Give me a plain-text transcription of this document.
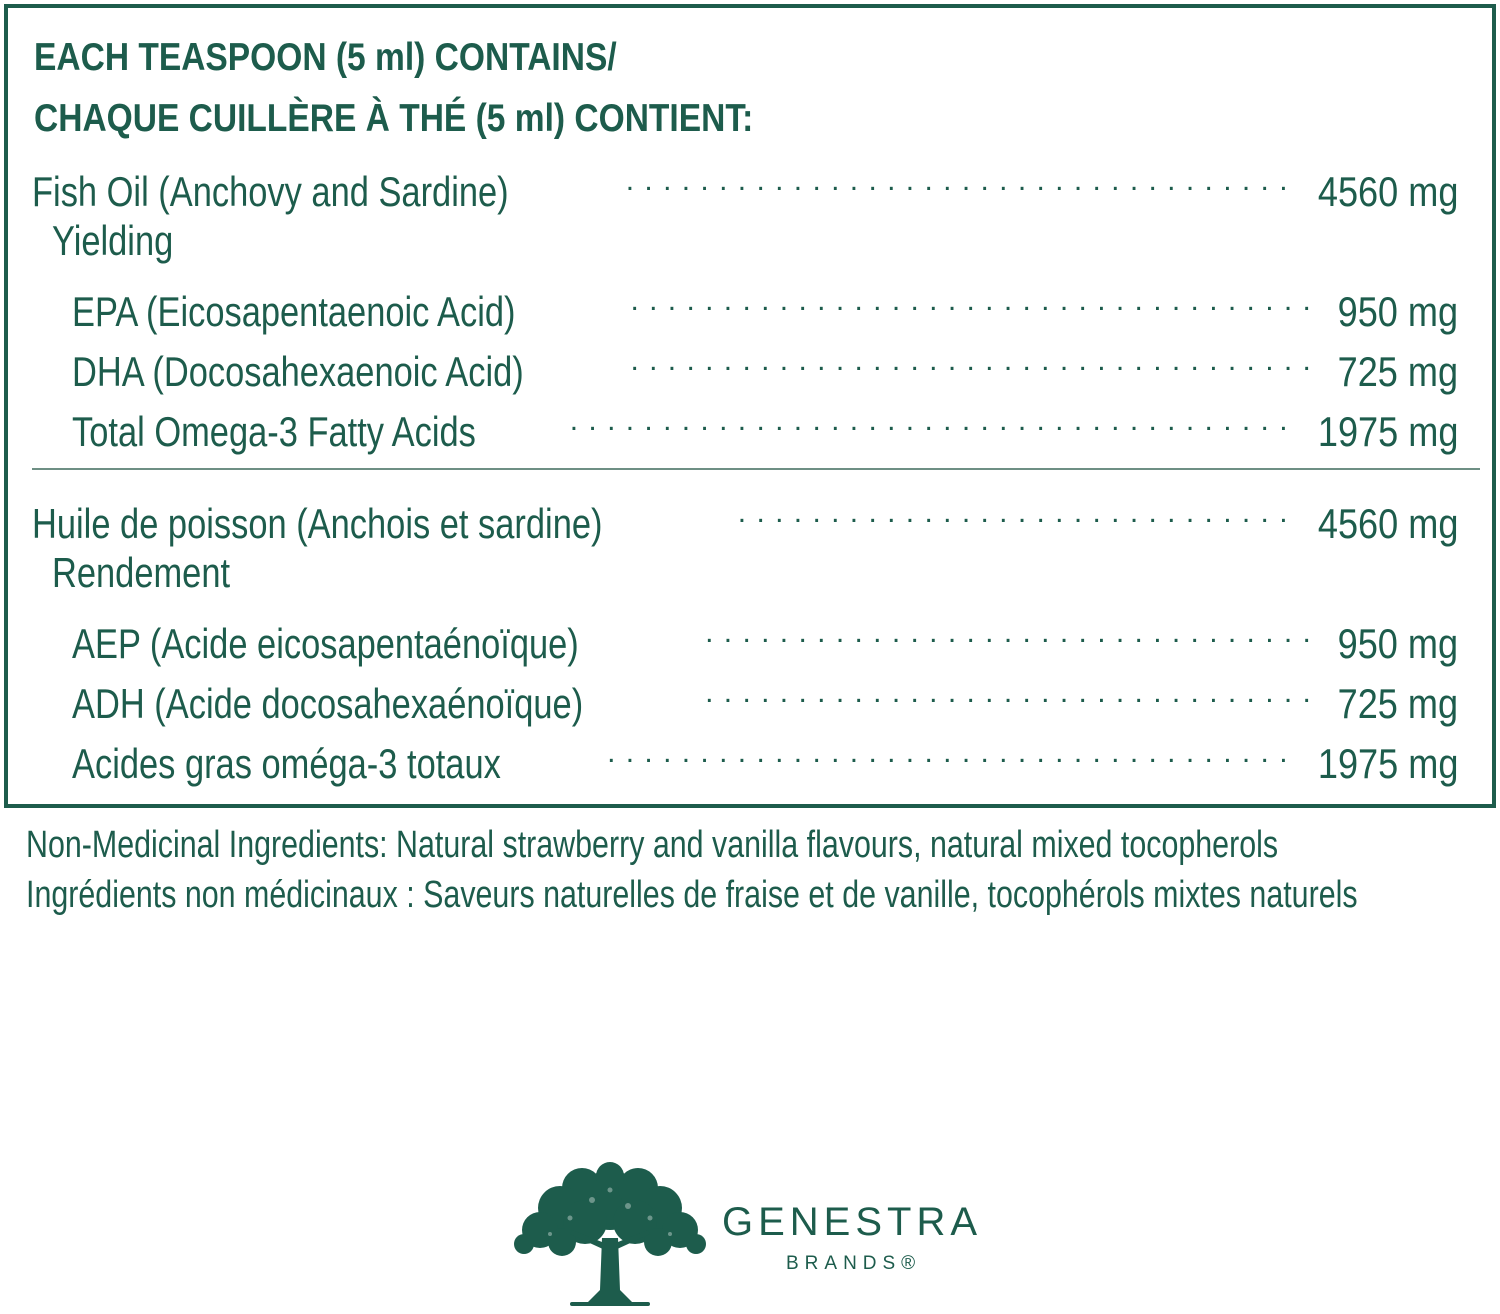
EACH TEASPOON (5 ml) CONTAINS/
CHAQUE CUILLÈRE À THÉ (5 ml) CONTIENT:
Fish Oil (Anchovy and Sardine) . . .	4560 mg
Yielding
EPA (Eicosapentaenoic Acid) . . .	950 mg
DHA (Docosahexaenoic Acid) . . .	725 mg
Total Omega-3 Fatty Acids . . .	1975 mg
Huile de poisson (Anchois et sardine) . . .	4560 mg
Rendement
AEP (Acide eicosapentaénoïque) . . .	950 mg
ADH (Acide docosahexaénoïque) . . .	725 mg
Acides gras oméga-3 totaux . . .	1975 mg
Non-Medicinal Ingredients: Natural strawberry and vanilla flavours, natural mixed tocopherols
Ingrédients non médicinaux : Saveurs naturelles de fraise et de vanille, tocophérols mixtes naturels
GENESTRA
BRANDS®
